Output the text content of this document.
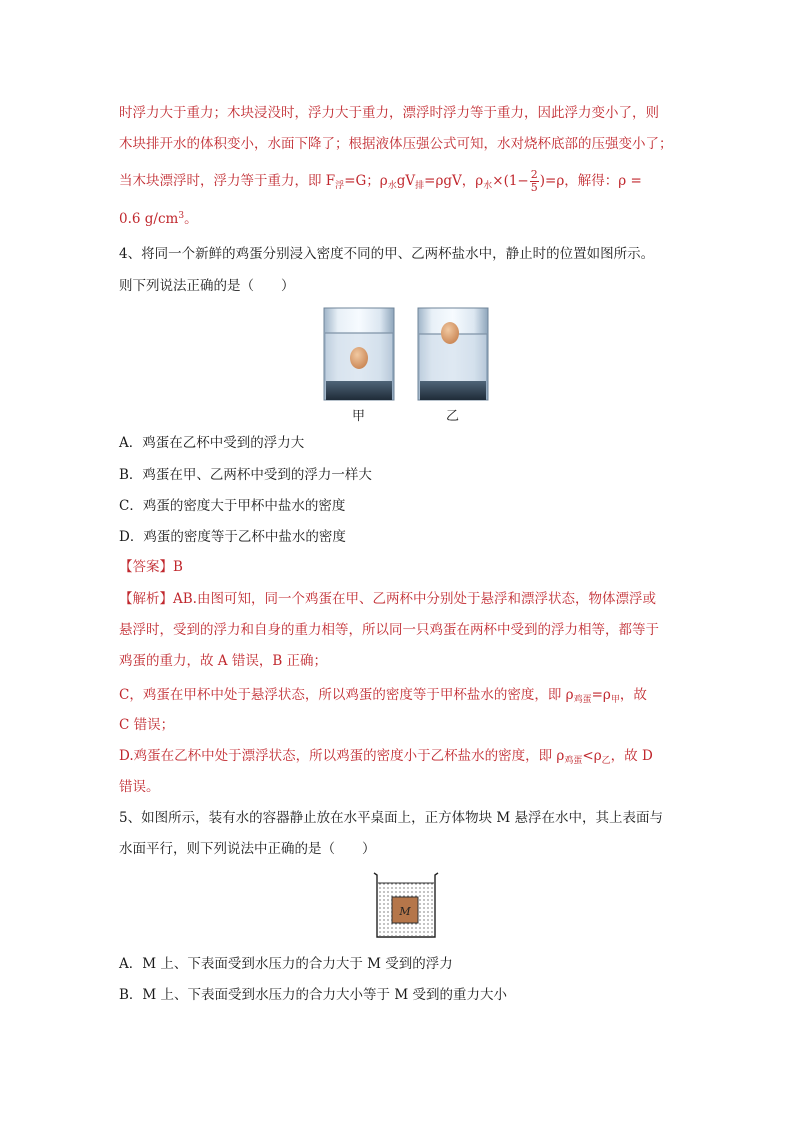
时浮力大于重力；木块浸没时，浮力大于重力，漂浮时浮力等于重力，因此浮力变小了，则
木块排开水的体积变小，水面下降了；根据液体压强公式可知，水对烧杯底部的压强变小了；
当木块漂浮时，浮力等于重力，即 $F_浮=G$；$\rho_水gV_排=\rho gV$，$\rho_水\times(1- \frac{2}{5} )=\rho$，解得：ρ =
0.6 $g/cm^3$。
4、将同一个新鲜的鸡蛋分别浸入密度不同的甲、乙两杯盐水中，静止时的位置如图所示。
则下列说法正确的是（　　）
甲	乙
A．鸡蛋在乙杯中受到的浮力大
B．鸡蛋在甲、乙两杯中受到的浮力一样大
C．鸡蛋的密度大于甲杯中盐水的密度
D．鸡蛋的密度等于乙杯中盐水的密度
【答案】B
【解析】AB.由图可知，同一个鸡蛋在甲、乙两杯中分别处于悬浮和漂浮状态，物体漂浮或
悬浮时，受到的浮力和自身的重力相等，所以同一只鸡蛋在两杯中受到的浮力相等，都等于
鸡蛋的重力，故 A 错误，B 正确；
C，鸡蛋在甲杯中处于悬浮状态，所以鸡蛋的密度等于甲杯盐水的密度，即 $\rho_{鸡蛋}=\rho_甲$，故
C 错误；
D.鸡蛋在乙杯中处于漂浮状态，所以鸡蛋的密度小于乙杯盐水的密度，即 $\rho_{鸡蛋}<\rho_乙$，故 D
错误。
5、如图所示，装有水的容器静止放在水平桌面上，正方体物块 M 悬浮在水中，其上表面与
水面平行，则下列说法中正确的是（　　）
M
A．M 上、下表面受到水压力的合力大于 M 受到的浮力
B．M 上、下表面受到水压力的合力大小等于 M 受到的重力大小
